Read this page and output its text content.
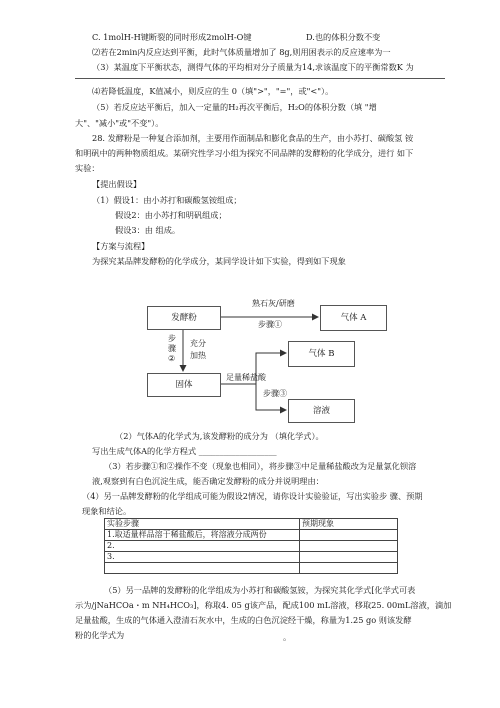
C. 1molH-H键断裂的同时形成2molH-O键	D.也的体积分数不变
⑵若在2min内反应达到平衡，此时气体质量增加了 8g,则用困表示的反应速率为一
（3）某温度下平衡状态，测得气体的平均相对分子质量为14,求该温度下的平衡常数K 为
⑷若降低温度，K值减小，则反应的生 0（填">"，"="，或"<"）。
（5）若反应达平衡后，加入一定量的H₂再次平衡后，H₂O的体积分数（填 "增
大"、"减小"或"不变"）。
28. 发酵粉是一种复合添加剂，主要用作面制品和膨化食品的生产，由小苏打、碳酸氢 铵
和明矾中的两种物质组成。某研究性学习小组为探究不同品牌的发酵粉的化学成分，进行 如下
实验：
【提出假设】
（1）假设1：由小苏打和碳酸氢铵组成；
假设2：由小苏打和明矾组成；
假设3：由 组成。
【方案与流程】
为探究某品牌发酵粉的化学成分，某同学设计如下实验，得到如下现象
发酵粉	气体 A
气体 B
固体
溶液
熟石灰/研磨
步骤①
步
骤
②
充分
加热
足量稀盐酸
步骤③
（2）气体A的化学式为,该发酵粉的成分为 （填化学式）。
写出生成气体A的化学方程式 ___________________
（3）若步骤①和②操作不变（现象也相同），将步骤③中足量稀盐酸改为足量氯化钡溶
液,观察到有白色沉淀生成，能否确定发酵粉的成分并说明理由：
（4）另一品牌发酵粉的化学组成可能为假设2情况，请你设计实验验证，写出实验步 骤、预期
现象和结论。
实验步骤	预期现象
1.取适量样品溶于稀盐酸后，将溶液分成两份	
2.	
3.	

（5）另一品牌的发酵粉的化学组成为小苏打和碳酸氢铵，为探究其化学式[化学式可表
示为/jNaHCOa・m NH₄HCO₃]，称取4. 05 g该产品，配成100 mL溶液，移取25. 00mL溶液，滴加
足量盐酸，生成的气体通入澄清石灰水中，生成的白色沉淀经干燥，称量为1.25 go 则该发酵
粉的化学式为	。
